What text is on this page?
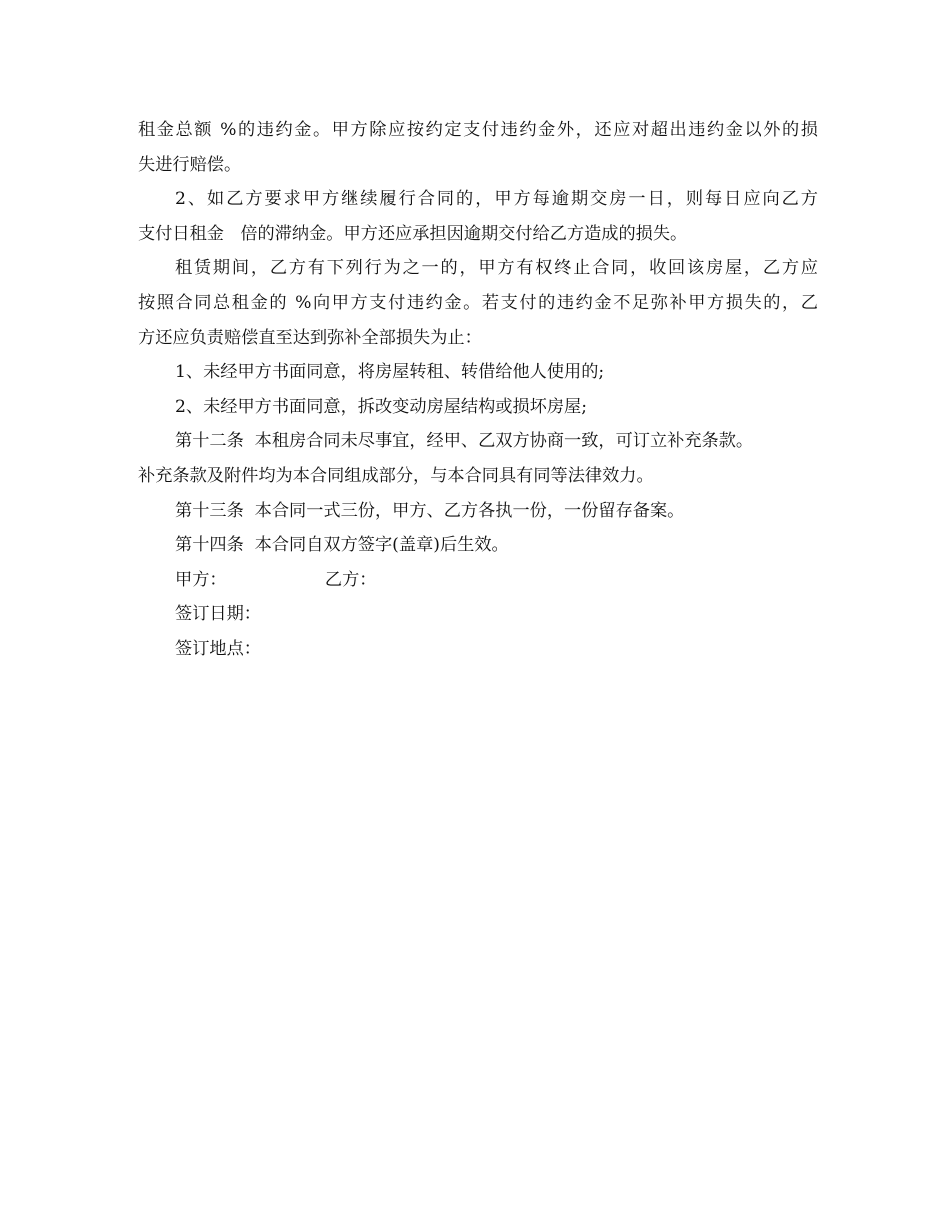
租金总额 %的违约金。甲方除应按约定支付违约金外，还应对超出违约金以外的损
失进行赔偿。
2、如乙方要求甲方继续履行合同的，甲方每逾期交房一日，则每日应向乙方
支付日租金   倍的滞纳金。甲方还应承担因逾期交付给乙方造成的损失。
租赁期间，乙方有下列行为之一的，甲方有权终止合同，收回该房屋，乙方应
按照合同总租金的 %向甲方支付违约金。若支付的违约金不足弥补甲方损失的，乙
方还应负责赔偿直至达到弥补全部损失为止：
1、未经甲方书面同意，将房屋转租、转借给他人使用的;
2、未经甲方书面同意，拆改变动房屋结构或损坏房屋;
第十二条  本租房合同未尽事宜，经甲、乙双方协商一致，可订立补充条款。
补充条款及附件均为本合同组成部分，与本合同具有同等法律效力。
第十三条  本合同一式三份，甲方、乙方各执一份，一份留存备案。
第十四条  本合同自双方签字(盖章)后生效。
甲方：                  乙方：
签订日期：
签订地点：
